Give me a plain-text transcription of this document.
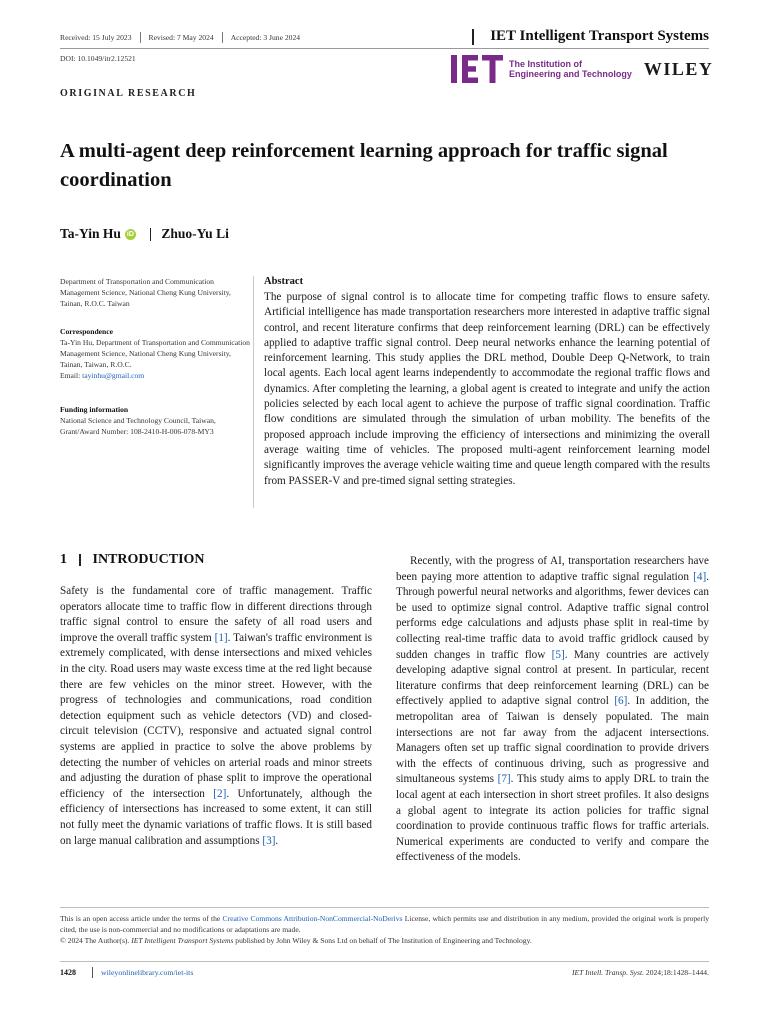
Received: 15 July 2023 Revised: 7 May 2024 Accepted: 3 June 2024	IET Intelligent Transport Systems
DOI: 10.1049/itr2.12521
The Institution of
Engineering and Technology WILEY
ORIGINAL RESEARCH
A multi-agent deep reinforcement learning approach for traffic signal coordination
Ta-Yin Hu iD Zhuo-Yu Li
Department of Transportation and Communication Management Science, National Cheng Kung University, Tainan, R.O.C. Taiwan
Correspondence
Ta-Yin Hu, Department of Transportation and Communication Management Science, National Cheng Kung University, Tainan, Taiwan, R.O.C.
Email: tayinhu@gmail.com
Funding information
National Science and Technology Council, Taiwan, Grant/Award Number: 108-2410-H-006-078-MY3
Abstract
The purpose of signal control is to allocate time for competing traffic flows to ensure safety. Artificial intelligence has made transportation researchers more interested in adaptive traffic signal control, and recent literature confirms that deep reinforcement learning (DRL) can be effectively applied to adaptive traffic signal control. Deep neural networks enhance the learning potential of reinforcement learning. This study applies the DRL method, Double Deep Q-Network, to train local agents. Each local agent learns independently to accommodate the regional traffic flows and dynamics. After completing the learning, a global agent is created to integrate and unify the action policies selected by each local agent to achieve the purpose of traffic signal coordination. Traffic flow conditions are simulated through the simulation of urban mobility. The benefits of the proposed approach include improving the efficiency of intersections and minimizing the overall average waiting time of vehicles. The proposed multi-agent reinforcement learning model significantly improves the average vehicle waiting time and queue length compared with the results from PASSER-V and pre-timed signal setting strategies.
1 INTRODUCTION
Safety is the fundamental core of traffic management. Traffic operators allocate time to traffic flow in different directions through traffic signal control to ensure the safety of all road users and improve the overall traffic system [1]. Taiwan's traffic environment is extremely complicated, with dense intersections and mixed vehicles in the city. Road users may waste excess time at the red light because there are few vehicles on the minor street. However, with the progress of technologies and communications, road condition detection equipment such as vehicle detectors (VD) and closed-circuit television (CCTV), responsive and actuated signal control systems are applied in practice to solve the above problems by detecting the number of vehicles on arterial roads and minor streets and adjusting the duration of phase split to improve the operational efficiency of the intersection [2]. Unfortunately, although the efficiency of intersections has increased to some extent, it can still not fully meet the dynamic variations of traffic flows. It is still based on large manual calibration and assumptions [3].
Recently, with the progress of AI, transportation researchers have been paying more attention to adaptive traffic signal regulation [4]. Through powerful neural networks and algorithms, fewer devices can be used to optimize signal control. Adaptive traffic signal control performs edge calculations and adjusts phase split in real-time by collecting real-time traffic data to avoid traffic gridlock caused by sudden changes in traffic flow [5]. Many countries are actively developing adaptive signal control at present. In particular, recent literature confirms that deep reinforcement learning (DRL) can be effectively applied to adaptive signal control [6]. In addition, the metropolitan area of Taiwan is densely populated. The main intersections are not far away from the adjacent intersections. Managers often set up traffic signal coordination to provide drivers with the effects of continuous driving, such as progressive and simultaneous systems [7]. This study aims to apply DRL to train the local agent at each intersection in short street profiles. It also designs a global agent to integrate its action policies for traffic signal coordination to provide continuous traffic flows for traffic arterials. Numerical experiments are conducted to verify and compare the effectiveness of the models.
This is an open access article under the terms of the Creative Commons Attribution-NonCommercial-NoDerivs License, which permits use and distribution in any medium, provided the original work is properly cited, the use is non-commercial and no modifications or adaptations are made.
© 2024 The Author(s). IET Intelligent Transport Systems published by John Wiley & Sons Ltd on behalf of The Institution of Engineering and Technology.
1428	wileyonlinelibrary.com/iet-its	IET Intell. Transp. Syst. 2024;18:1428–1444.
